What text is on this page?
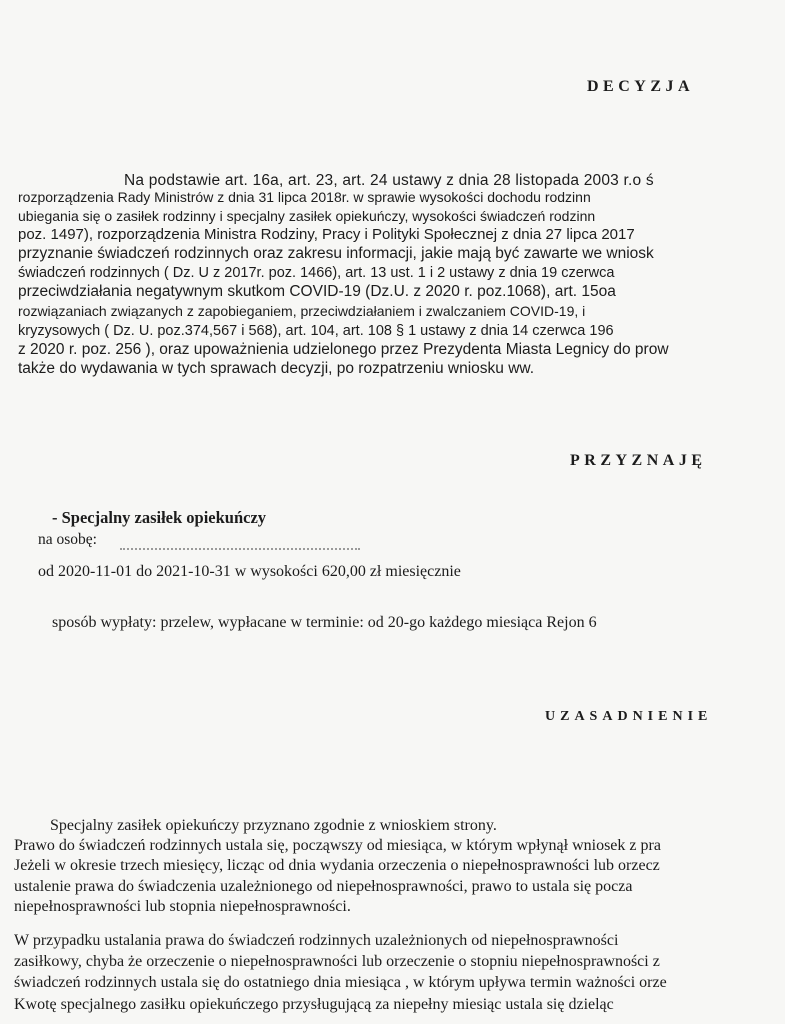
DECYZJA
Na podstawie art. 16a, art. 23, art. 24 ustawy z dnia 28 listopada 2003 r.o ś
rozporządzenia Rady Ministrów z dnia 31 lipca 2018r. w sprawie wysokości dochodu rodzinn
ubiegania się o zasiłek rodzinny i specjalny zasiłek opiekuńczy, wysokości świadczeń rodzinn
poz. 1497), rozporządzenia Ministra Rodziny, Pracy i Polityki Społecznej z dnia 27 lipca 2017
przyznanie świadczeń rodzinnych oraz zakresu informacji, jakie mają być zawarte we wniosk
świadczeń rodzinnych ( Dz. U z 2017r. poz. 1466), art. 13 ust. 1 i 2 ustawy z dnia 19 czerwca
przeciwdziałania negatywnym skutkom COVID-19 (Dz.U. z 2020 r. poz.1068), art. 15oa
rozwiązaniach związanych z zapobieganiem, przeciwdziałaniem i zwalczaniem COVID-19, i
kryzysowych ( Dz. U. poz.374,567 i 568), art. 104, art. 108 § 1 ustawy z dnia 14 czerwca 196
z 2020 r. poz. 256 ), oraz upoważnienia udzielonego przez Prezydenta Miasta Legnicy do prow
także do wydawania w tych sprawach decyzji, po rozpatrzeniu wniosku ww.
PRZYZNAJĘ
- Specjalny zasiłek opiekuńczy
na osobę:
od 2020-11-01 do 2021-10-31 w wysokości 620,00 zł miesięcznie
sposób wypłaty: przelew, wypłacane w terminie: od 20-go każdego miesiąca Rejon 6
UZASADNIENIE
Specjalny zasiłek opiekuńczy przyznano zgodnie z wnioskiem strony.
Prawo do świadczeń rodzinnych ustala się, począwszy od miesiąca, w którym wpłynął wniosek z pra
Jeżeli w okresie trzech miesięcy, licząc od dnia wydania orzeczenia o niepełnosprawności lub orzecz
ustalenie prawa do świadczenia uzależnionego od niepełnosprawności, prawo to ustala się pocza
niepełnosprawności lub stopnia niepełnosprawności.
W przypadku ustalania prawa do świadczeń rodzinnych uzależnionych od niepełnosprawności
zasiłkowy, chyba że orzeczenie o niepełnosprawności lub orzeczenie o stopniu niepełnosprawności z
świadczeń rodzinnych ustala się do ostatniego dnia miesiąca , w którym upływa termin ważności orze
Kwotę specjalnego zasiłku opiekuńczego przysługującą za niepełny miesiąc ustala się dzieląc
